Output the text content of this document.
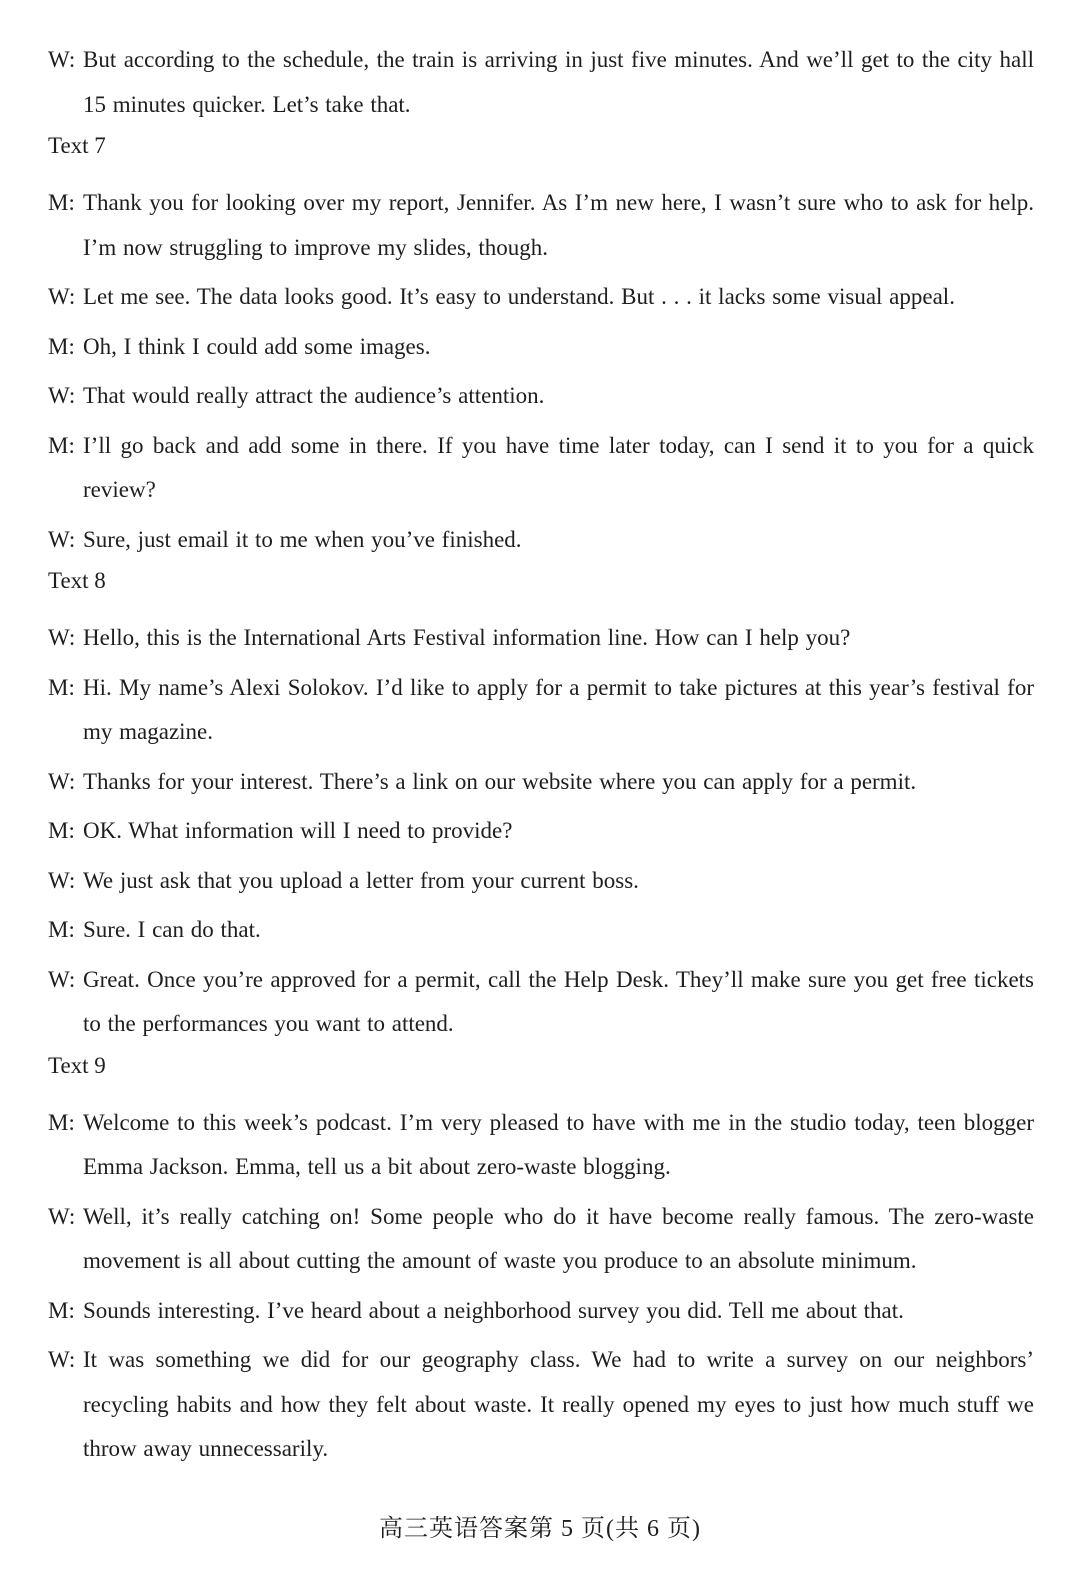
W: But according to the schedule, the train is arriving in just five minutes. And we’ll get to the city hall 15 minutes quicker. Let’s take that.
Text 7
M: Thank you for looking over my report, Jennifer. As I’m new here, I wasn’t sure who to ask for help. I’m now struggling to improve my slides, though.
W: Let me see. The data looks good. It’s easy to understand. But . . . it lacks some visual appeal.
M: Oh, I think I could add some images.
W: That would really attract the audience’s attention.
M: I’ll go back and add some in there. If you have time later today, can I send it to you for a quick review?
W: Sure, just email it to me when you’ve finished.
Text 8
W: Hello, this is the International Arts Festival information line. How can I help you?
M: Hi. My name’s Alexi Solokov. I’d like to apply for a permit to take pictures at this year’s festival for my magazine.
W: Thanks for your interest. There’s a link on our website where you can apply for a permit.
M: OK. What information will I need to provide?
W: We just ask that you upload a letter from your current boss.
M: Sure. I can do that.
W: Great. Once you’re approved for a permit, call the Help Desk. They’ll make sure you get free tickets to the performances you want to attend.
Text 9
M: Welcome to this week’s podcast. I’m very pleased to have with me in the studio today, teen blogger Emma Jackson. Emma, tell us a bit about zero-waste blogging.
W: Well, it’s really catching on! Some people who do it have become really famous. The zero-waste movement is all about cutting the amount of waste you produce to an absolute minimum.
M: Sounds interesting. I’ve heard about a neighborhood survey you did. Tell me about that.
W: It was something we did for our geography class. We had to write a survey on our neighbors’ recycling habits and how they felt about waste. It really opened my eyes to just how much stuff we throw away unnecessarily.
高三英语答案第 5 页(共 6 页)
